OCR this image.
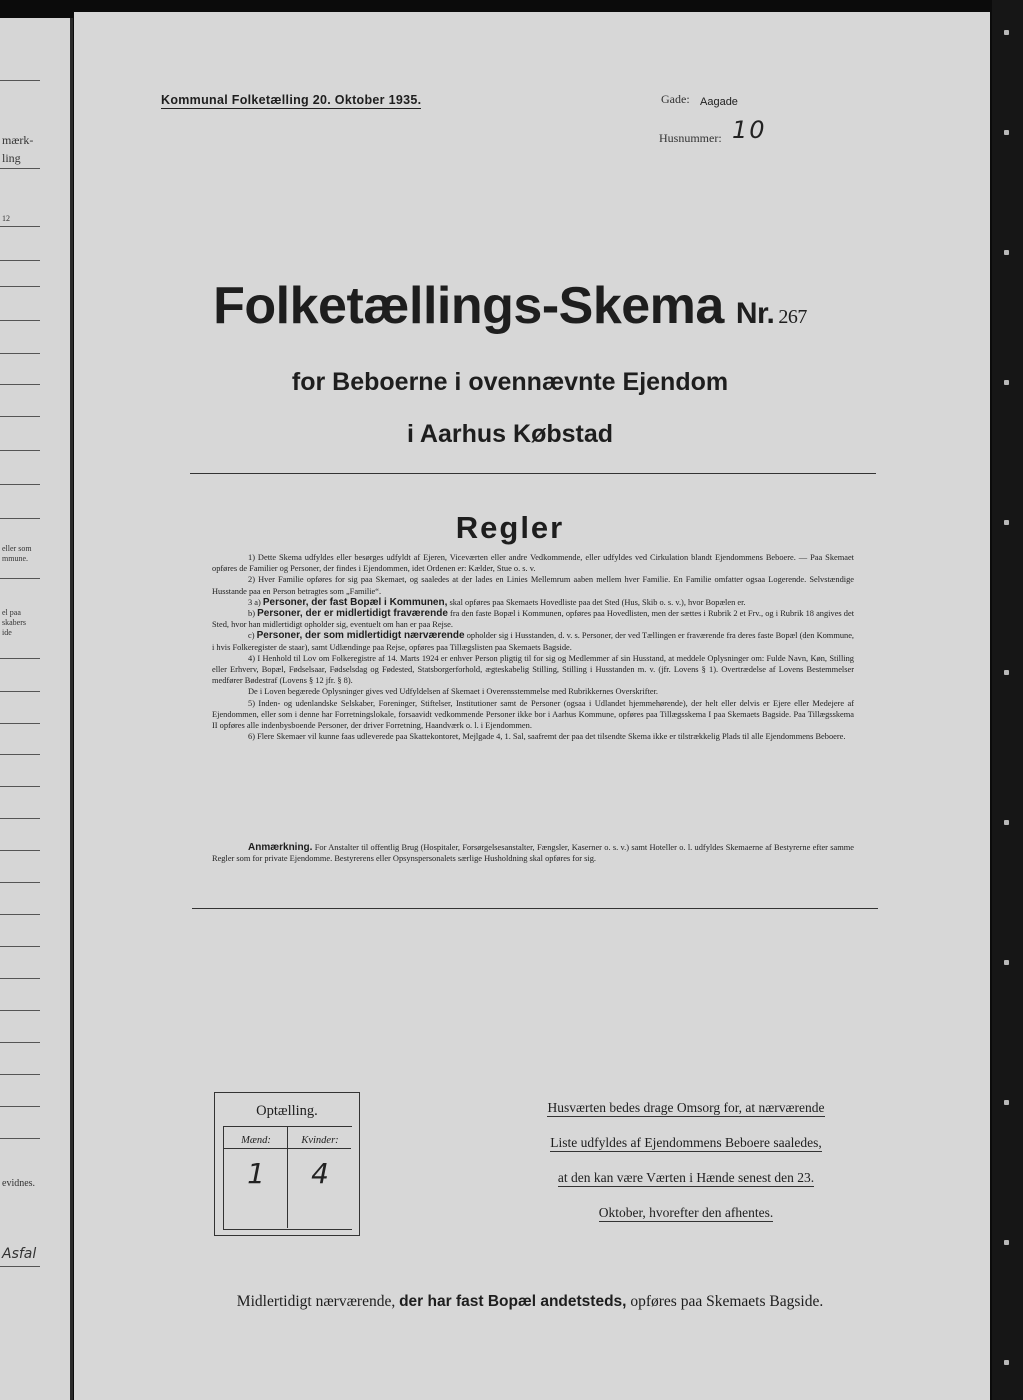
mærk-
ling
12
eller som
mmune.
el paa
skabers
ide
evidnes.
Asfal
Kommunal Folketælling 20. Oktober 1935.	Gade: Aagade
Husnummer: 10
Folketællings-Skema Nr. 267
for Beboerne i ovennævnte Ejendom
i Aarhus Købstad
Regler

1) Dette Skema udfyldes eller besørges udfyldt af Ejeren, Viceværten eller andre Vedkommende, eller udfyldes ved Cirkulation blandt Ejendommens Beboere. — Paa Skemaet opføres de Familier og Personer, der findes i Ejendommen, idet Ordenen er: Kælder, Stue o. s. v.

2) Hver Familie opføres for sig paa Skemaet, og saaledes at der lades en Linies Mellemrum aaben mellem hver Familie. En Familie omfatter ogsaa Logerende. Selvstændige Husstande paa en Person betragtes som „Familie“.

3 a) Personer, der fast Bopæl i Kommunen, skal opføres paa Skemaets Hovedliste paa det Sted (Hus, Skib o. s. v.), hvor Bopælen er.

b) Personer, der er midlertidigt fraværende fra den faste Bopæl i Kommunen, opføres paa Hovedlisten, men der sættes i Rubrik 2 et Frv., og i Rubrik 18 angives det Sted, hvor han midlertidigt opholder sig, eventuelt om han er paa Rejse.

c) Personer, der som midlertidigt nærværende opholder sig i Husstanden, d. v. s. Personer, der ved Tællingen er fraværende fra deres faste Bopæl (den Kommune, i hvis Folkeregister de staar), samt Udlændinge paa Rejse, opføres paa Tillægslisten paa Skemaets Bagside.

4) I Henhold til Lov om Folkeregistre af 14. Marts 1924 er enhver Person pligtig til for sig og Medlemmer af sin Husstand, at meddele Oplysninger om: Fulde Navn, Køn, Stilling eller Erhverv, Bopæl, Fødselsaar, Fødselsdag og Fødested, Statsborgerforhold, ægteskabelig Stilling, Stilling i Husstanden m. v. (jfr. Lovens § 1). Overtrædelse af Lovens Bestemmelser medfører Bødestraf (Lovens § 12 jfr. § 8).

De i Loven begærede Oplysninger gives ved Udfyldelsen af Skemaet i Overensstemmelse med Rubrikkernes Overskrifter.

5) Inden- og udenlandske Selskaber, Foreninger, Stiftelser, Institutioner samt de Personer (ogsaa i Udlandet hjemmehørende), der helt eller delvis er Ejere eller Medejere af Ejendommen, eller som i denne har Forretningslokale, forsaavidt vedkommende Personer ikke bor i Aarhus Kommune, opføres paa Tillægsskema I paa Skemaets Bagside. Paa Tillægsskema II opføres alle indenbysboende Personer, der driver Forretning, Haandværk o. l. i Ejendommen.

6) Flere Skemaer vil kunne faas udleverede paa Skattekontoret, Mejlgade 4, 1. Sal, saafremt der paa det tilsendte Skema ikke er tilstrækkelig Plads til alle Ejendommens Beboere.

Anmærkning. For Anstalter til offentlig Brug (Hospitaler, Forsørgelsesanstalter, Fængsler, Kaserner o. s. v.) samt Hoteller o. l. udfyldes Skemaerne af Bestyrerne efter samme Regler som for private Ejendomme. Bestyrerens eller Opsynspersonalets særlige Husholdning skal opføres for sig.

Optælling.
Mænd:	Kvinder:
1	4
Husværten bedes drage Omsorg for, at nærværende
Liste udfyldes af Ejendommens Beboere saaledes,
at den kan være Værten i Hænde senest den 23.
Oktober, hvorefter den afhentes.
Midlertidigt nærværende, der har fast Bopæl andetsteds, opføres paa Skemaets Bagside.
